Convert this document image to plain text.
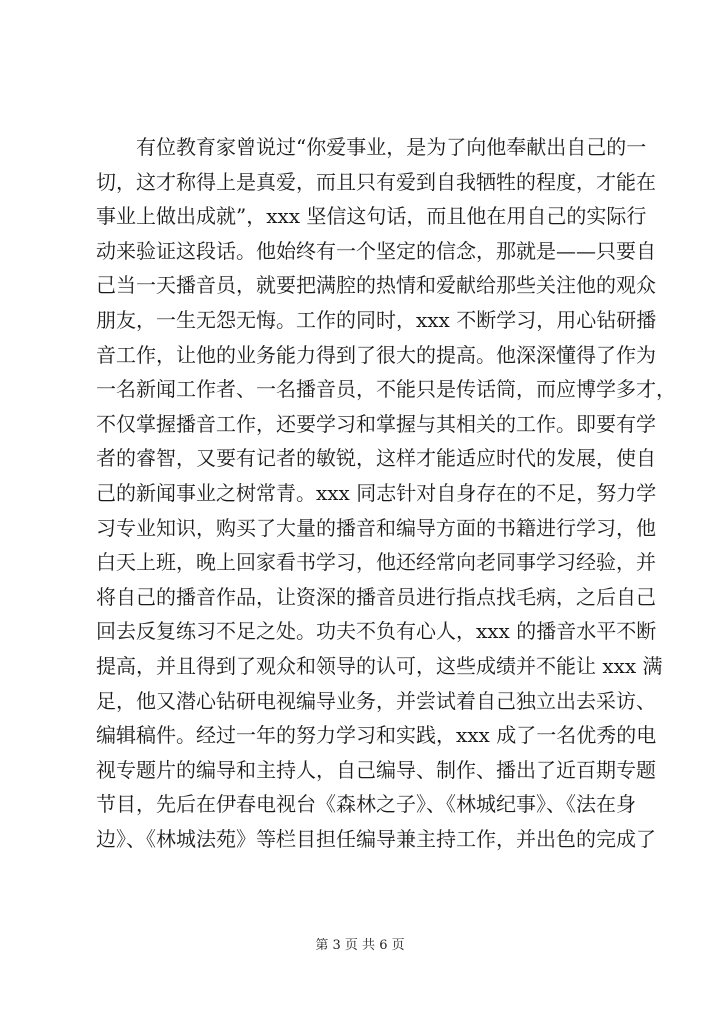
有位教育家曾说过“你爱事业，是为了向他奉献出自己的一
切，这才称得上是真爱，而且只有爱到自我牺牲的程度，才能在
事业上做出成就”，xxx 坚信这句话，而且他在用自己的实际行
动来验证这段话。他始终有一个坚定的信念，那就是——只要自
己当一天播音员，就要把满腔的热情和爱献给那些关注他的观众
朋友，一生无怨无悔。工作的同时，xxx 不断学习，用心钻研播
音工作，让他的业务能力得到了很大的提高。他深深懂得了作为
一名新闻工作者、一名播音员，不能只是传话筒，而应博学多才，
不仅掌握播音工作，还要学习和掌握与其相关的工作。即要有学
者的睿智，又要有记者的敏锐，这样才能适应时代的发展，使自
己的新闻事业之树常青。xxx 同志针对自身存在的不足，努力学
习专业知识，购买了大量的播音和编导方面的书籍进行学习，他
白天上班，晚上回家看书学习，他还经常向老同事学习经验，并
将自己的播音作品，让资深的播音员进行指点找毛病，之后自己
回去反复练习不足之处。功夫不负有心人，xxx 的播音水平不断
提高，并且得到了观众和领导的认可，这些成绩并不能让 xxx 满
足，他又潜心钻研电视编导业务，并尝试着自己独立出去采访、
编辑稿件。经过一年的努力学习和实践，xxx 成了一名优秀的电
视专题片的编导和主持人，自己编导、制作、播出了近百期专题
节目，先后在伊春电视台《森林之子》、《林城纪事》、《法在身
边》、《林城法苑》等栏目担任编导兼主持工作，并出色的完成了
第 3 页 共 6 页
